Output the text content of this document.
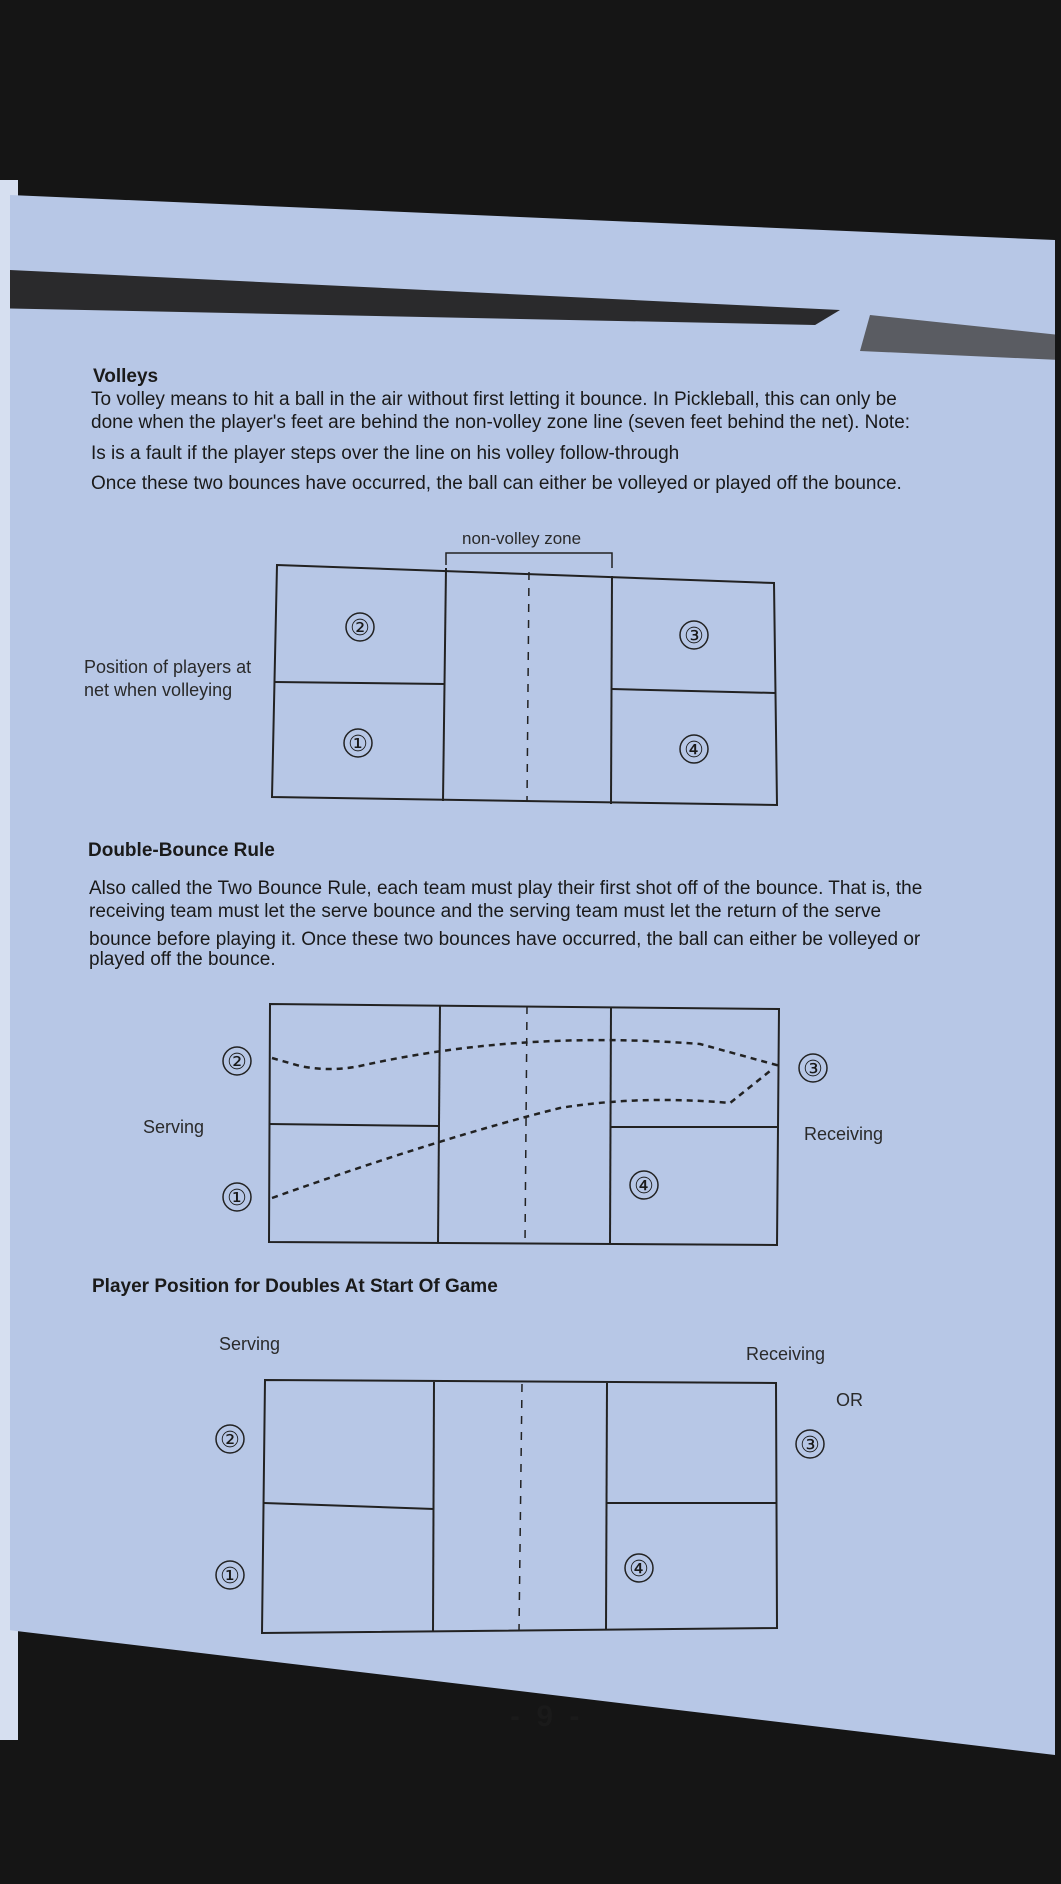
Volleys
To volley means to hit a ball in the air without first letting it bounce. In Pickleball, this can only be
done when the player's feet are behind the non-volley zone line (seven feet behind the net). Note:
Is is a fault if the player steps over the line on his volley follow-through
Once these two bounces have occurred, the ball can either be volleyed or played off the bounce.
non-volley zone
Position of players at
net when volleying
②	③
①	④
Double-Bounce Rule
Also called the Two Bounce Rule, each team must play their first shot off of the bounce. That is, the
receiving team must let the serve bounce and the serving team must let the return of the serve
bounce before playing it. Once these two bounces have occurred, the ball can either be volleyed or
played off the bounce.
Serving	Receiving
②
①
③
④
Player Position for Doubles At Start Of Game
Serving	Receiving
OR
②
①
③
④
- 9 -
